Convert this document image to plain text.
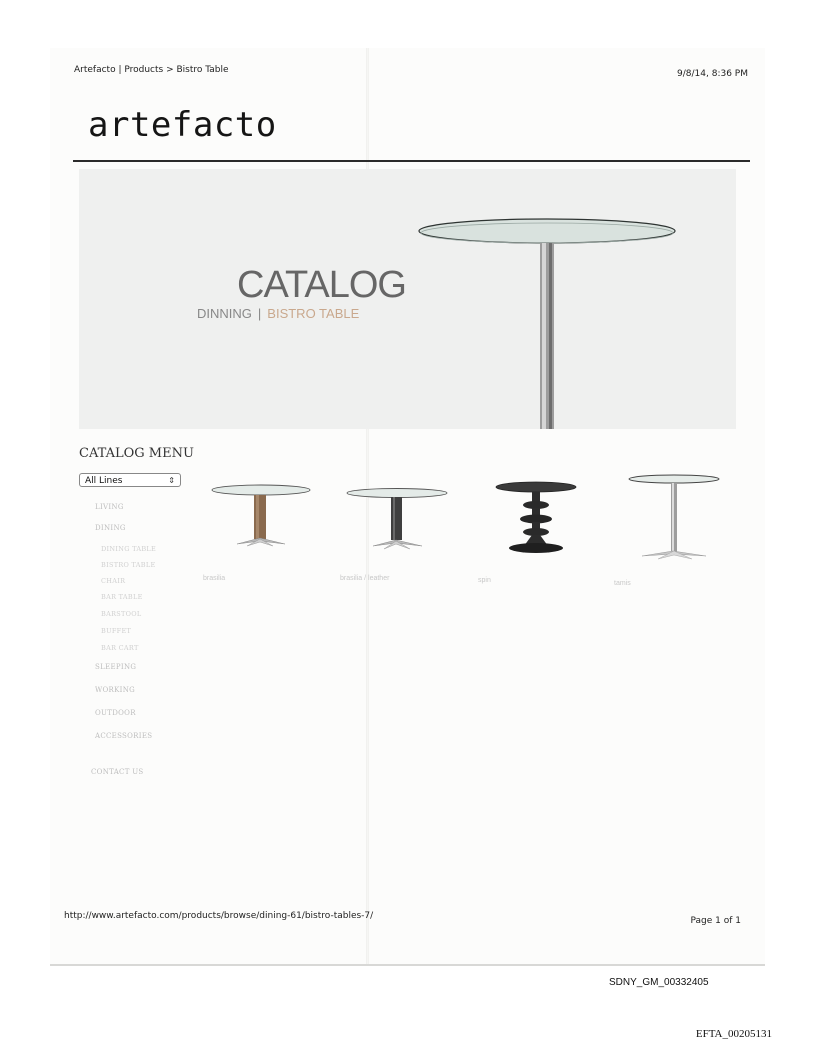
Artefacto | Products > Bistro Table	9/8/14, 8:36 PM
artefacto
CATALOG
DINNING | BISTRO TABLE
CATALOG MENU
All Lines	⇕
LIVING
DINING
DINING TABLE
BISTRO TABLE
CHAIR
BAR TABLE
BARSTOOL
BUFFET
BAR CART
SLEEPING
WORKING
OUTDOOR
ACCESSORIES
CONTACT US
brasilia	brasilia / leather	spin	tamis
http://www.artefacto.com/products/browse/dining-61/bistro-tables-7/	Page 1 of 1
SDNY_GM_00332405
EFTA_00205131
